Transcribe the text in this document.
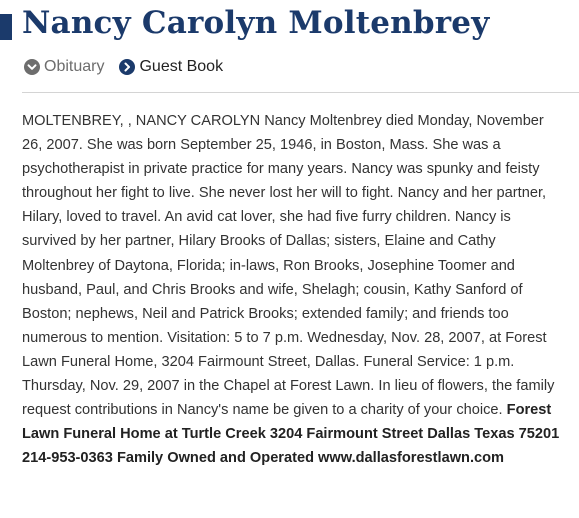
Nancy Carolyn Moltenbrey
Obituary Guest Book

MOLTENBREY, , NANCY CAROLYN Nancy Moltenbrey died Monday, November 26, 2007. She was born September 25, 1946, in Boston, Mass. She was a psychotherapist in private practice for many years. Nancy was spunky and feisty throughout her fight to live. She never lost her will to fight. Nancy and her partner, Hilary, loved to travel. An avid cat lover, she had five furry children. Nancy is survived by her partner, Hilary Brooks of Dallas; sisters, Elaine and Cathy Moltenbrey of Daytona, Florida; in-laws, Ron Brooks, Josephine Toomer and husband, Paul, and Chris Brooks and wife, Shelagh; cousin, Kathy Sanford of Boston; nephews, Neil and Patrick Brooks; extended family; and friends too numerous to mention. Visitation: 5 to 7 p.m. Wednesday, Nov. 28, 2007, at Forest Lawn Funeral Home, 3204 Fairmount Street, Dallas. Funeral Service: 1 p.m. Thursday, Nov. 29, 2007 in the Chapel at Forest Lawn. In lieu of flowers, the family request contributions in Nancy's name be given to a charity of your choice. Forest Lawn Funeral Home at Turtle Creek 3204 Fairmount Street Dallas Texas 75201 214-953-0363 Family Owned and Operated www.dallasforestlawn.com
